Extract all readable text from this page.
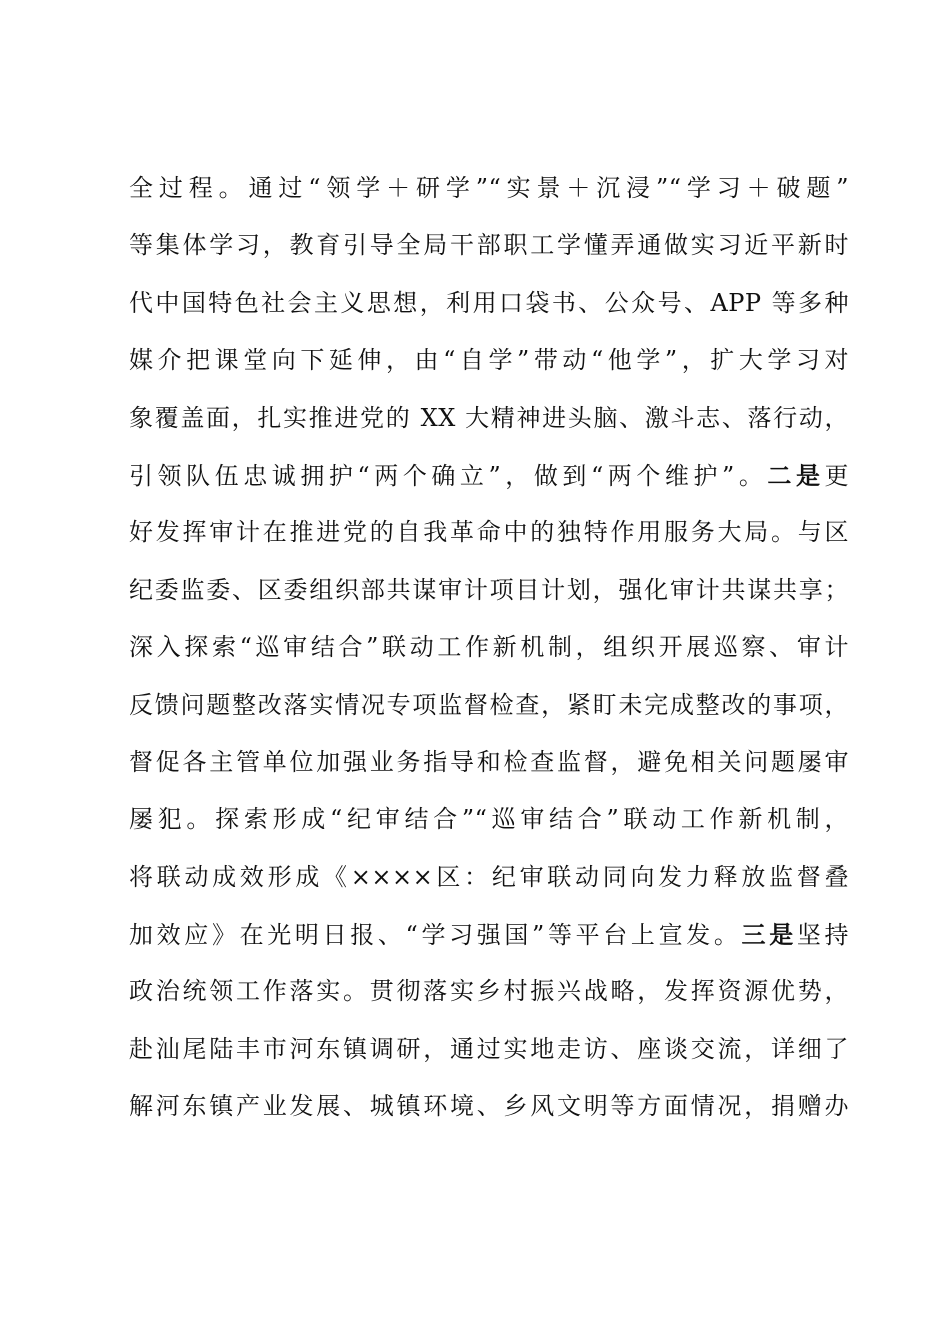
全过程。通过“领学＋研学”“实景＋沉浸”“学习＋破题”
等集体学习，教育引导全局干部职工学懂弄通做实习近平新时
代中国特色社会主义思想，利用口袋书、公众号、APP 等多种
媒介把课堂向下延伸，由“自学”带动“他学”，扩大学习对
象覆盖面，扎实推进党的 XX 大精神进头脑、激斗志、落行动，
引领队伍忠诚拥护“两个确立”，做到“两个维护”。二是更
好发挥审计在推进党的自我革命中的独特作用服务大局。与区
纪委监委、区委组织部共谋审计项目计划，强化审计共谋共享；
深入探索“巡审结合”联动工作新机制，组织开展巡察、审计
反馈问题整改落实情况专项监督检查，紧盯未完成整改的事项，
督促各主管单位加强业务指导和检查监督，避免相关问题屡审
屡犯。探索形成“纪审结合”“巡审结合”联动工作新机制，
将联动成效形成《××××区：纪审联动同向发力释放监督叠
加效应》在光明日报、“学习强国”等平台上宣发。三是坚持
政治统领工作落实。贯彻落实乡村振兴战略，发挥资源优势，
赴汕尾陆丰市河东镇调研，通过实地走访、座谈交流，详细了
解河东镇产业发展、城镇环境、乡风文明等方面情况，捐赠办
